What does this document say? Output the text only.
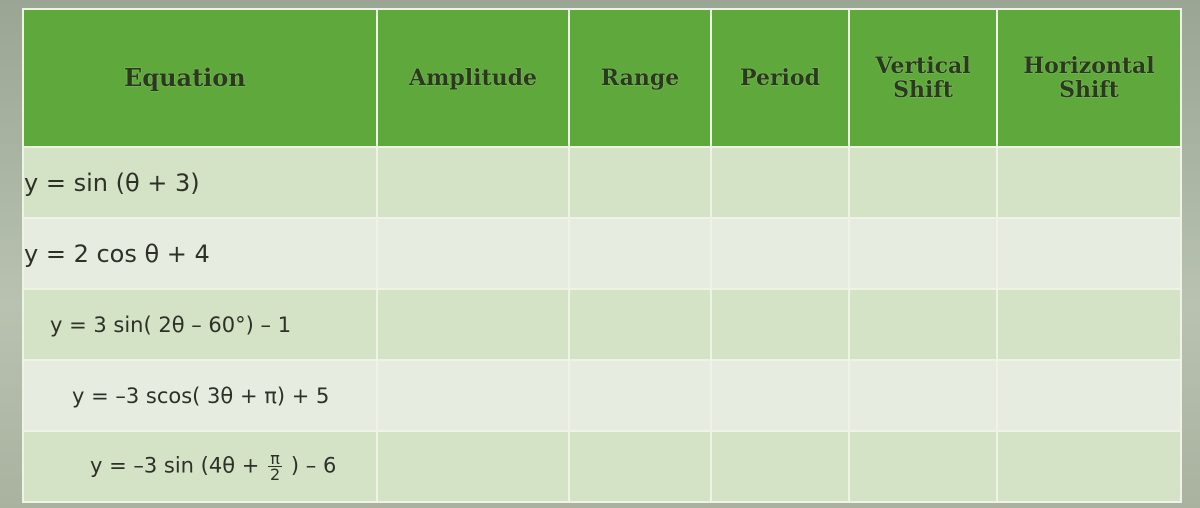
Equation	Amplitude	Range	Period	Vertical Shift	Horizontal Shift
y = sin (θ + 3)					
y = 2 cos θ + 4					
y = 3 sin( 2θ – 60°) – 1					
y = –3 scos( 3θ + π) + 5					
y = –3 $\sin (4\theta + \frac{\pi}{2}$ ) – 6					
